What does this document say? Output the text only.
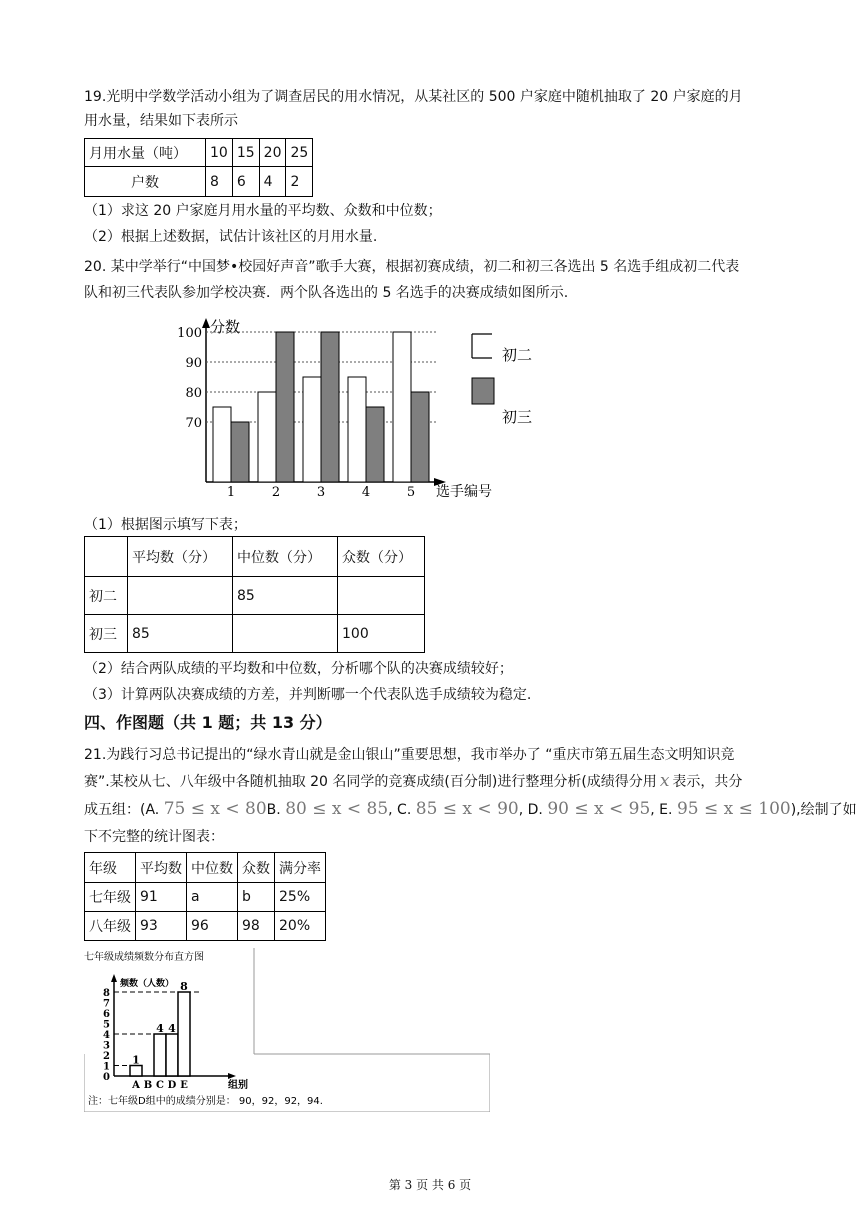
19.光明中学数学活动小组为了调查居民的用水情况，从某社区的 500 户家庭中随机抽取了 20 户家庭的月

用水量，结果如下表所示

月用水量（吨）	10	15	20	25
户数	8	6	4	2

（1）求这 20 户家庭月用水量的平均数、众数和中位数；

（2）根据上述数据，试估计该社区的月用水量.

20. 某中学举行“中国梦•校园好声音”歌手大赛，根据初赛成绩，初二和初三各选出 5 名选手组成初二代表

队和初三代表队参加学校决赛．两个队各选出的 5 名选手的决赛成绩如图所示.

分数
选手编号
70
80
90
100
1	2	3	4	5
初二
初三

（1）根据图示填写下表；

	平均数（分）	中位数（分）	众数（分）
初二		85	
初三	85		100

（2）结合两队成绩的平均数和中位数，分析哪个队的决赛成绩较好；

（3）计算两队决赛成绩的方差，并判断哪一个代表队选手成绩较为稳定.

四、作图题（共 1 题；共 13 分）

21.为践行习总书记提出的“绿水青山就是金山银山”重要思想，我市举办了 “重庆市第五届生态文明知识竞

赛”.某校从七、八年级中各随机抽取 20 名同学的竞赛成绩(百分制)进行整理分析(成绩得分用 x 表示，共分

成五组：(A. 75 ≤ x < 80B. 80 ≤ x < 85, C. 85 ≤ x < 90, D. 90 ≤ x < 95, E. 95 ≤ x ≤ 100),绘制了如

下不完整的统计图表：

年级	平均数	中位数	众数	满分率
七年级	91	a	b	25%
八年级	93	96	98	20%
七年级成绩频数分布直方图
频数（人数）
组别
0
1
2
3
4
5
6
7
8
1
A B
4
C
4
D
8
E
注：七年级D组中的成绩分别是： 90，92，92，94.
第 3 页 共 6 页
